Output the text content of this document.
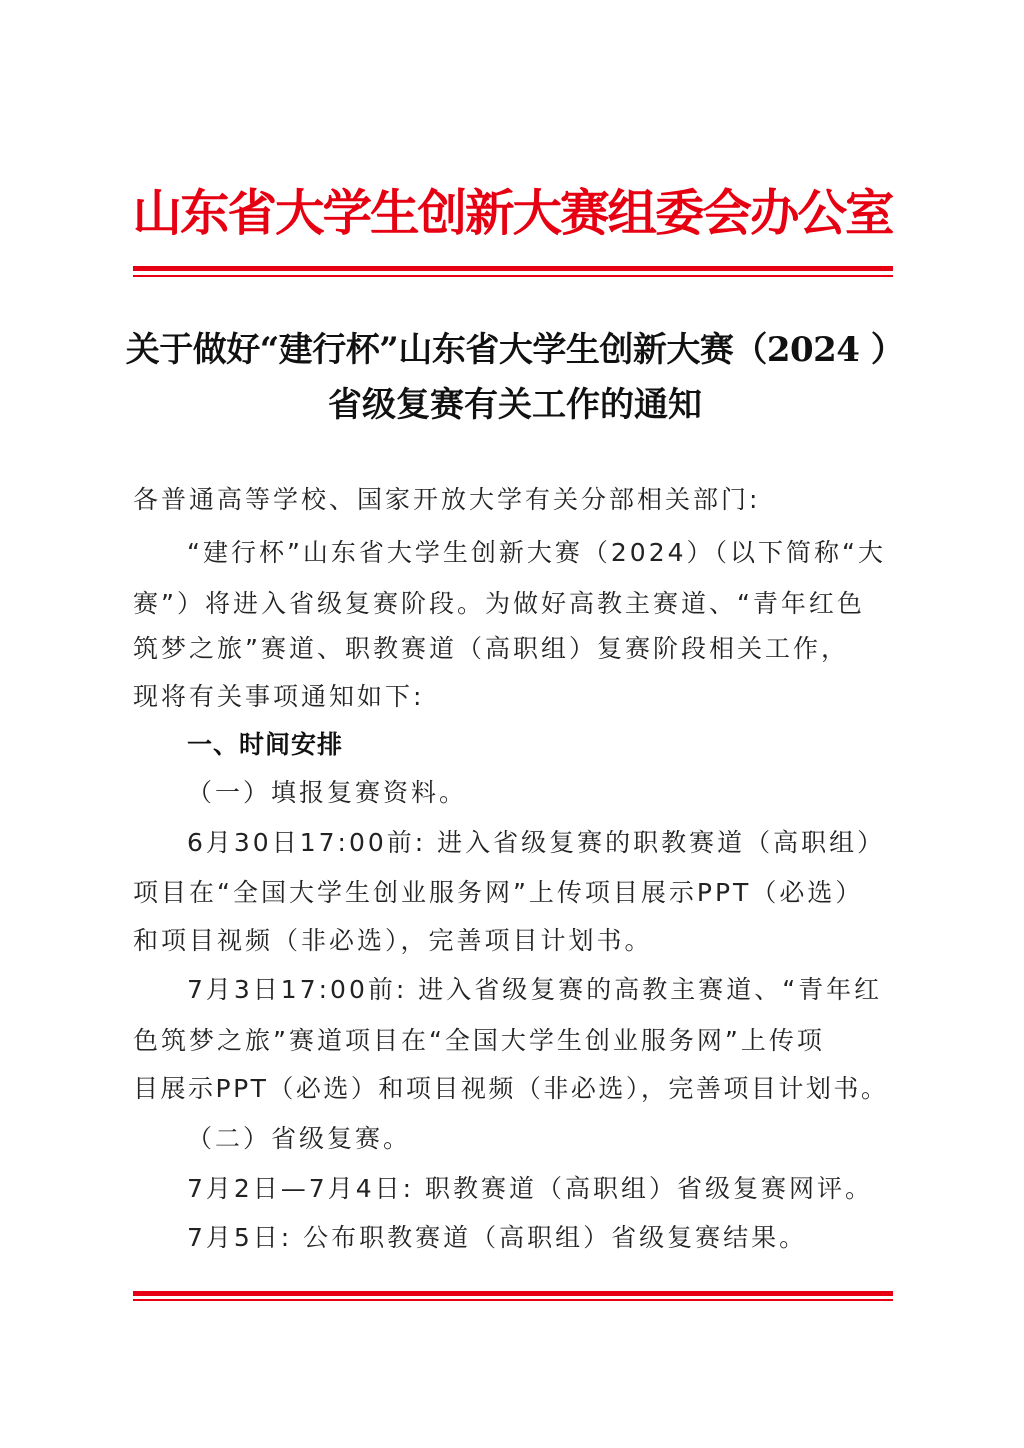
山东省大学生创新大赛组委会办公室
关于做好“建行杯”山东省大学生创新大赛（2024 ）
省级复赛有关工作的通知
各普通高等学校、国家开放大学有关分部相关部门:
“建行杯”山东省大学生创新大赛（2024）（以下简称“大
赛”）将进入省级复赛阶段。为做好高教主赛道、“青年红色
筑梦之旅”赛道、职教赛道（高职组）复赛阶段相关工作，
现将有关事项通知如下:
一、时间安排
（一）填报复赛资料。
6月30日17:00前: 进入省级复赛的职教赛道（高职组）
项目在“全国大学生创业服务网”上传项目展示PPT（必选）
和项目视频（非必选），完善项目计划书。
7月3日17:00前: 进入省级复赛的高教主赛道、“青年红
色筑梦之旅”赛道项目在“全国大学生创业服务网”上传项
目展示PPT（必选）和项目视频（非必选），完善项目计划书。
（二）省级复赛。
7月2日—7月4日: 职教赛道（高职组）省级复赛网评。
7月5日: 公布职教赛道（高职组）省级复赛结果。
